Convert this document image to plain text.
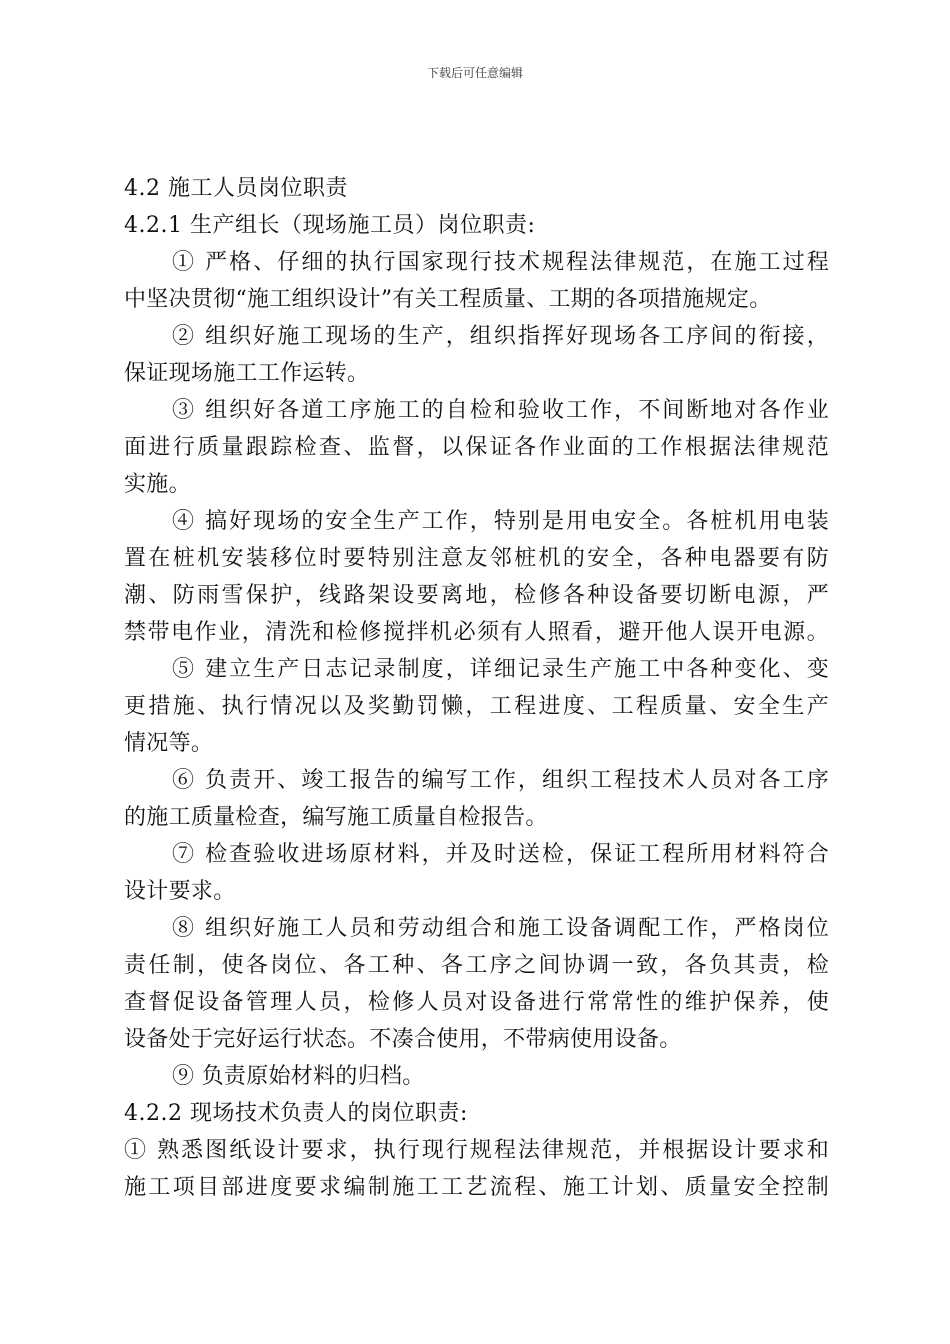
下载后可任意编辑
4.2 施工人员岗位职责
4.2.1 生产组长（现场施工员）岗位职责:
① 严格、仔细的执行国家现行技术规程法律规范，在施工过程
中坚决贯彻“施工组织设计”有关工程质量、工期的各项措施规定。
② 组织好施工现场的生产，组织指挥好现场各工序间的衔接，
保证现场施工工作运转。
③ 组织好各道工序施工的自检和验收工作，不间断地对各作业
面进行质量跟踪检查、监督，以保证各作业面的工作根据法律规范
实施。
④ 搞好现场的安全生产工作，特别是用电安全。各桩机用电装
置在桩机安装移位时要特别注意友邻桩机的安全，各种电器要有防
潮、防雨雪保护，线路架设要离地，检修各种设备要切断电源，严
禁带电作业，清洗和检修搅拌机必须有人照看，避开他人误开电源。
⑤ 建立生产日志记录制度，详细记录生产施工中各种变化、变
更措施、执行情况以及奖勤罚懒，工程进度、工程质量、安全生产
情况等。
⑥ 负责开、竣工报告的编写工作，组织工程技术人员对各工序
的施工质量检查，编写施工质量自检报告。
⑦ 检查验收进场原材料，并及时送检，保证工程所用材料符合
设计要求。
⑧ 组织好施工人员和劳动组合和施工设备调配工作，严格岗位
责任制，使各岗位、各工种、各工序之间协调一致，各负其责，检
查督促设备管理人员，检修人员对设备进行常常性的维护保养，使
设备处于完好运行状态。不凑合使用，不带病使用设备。
⑨ 负责原始材料的归档。
4.2.2 现场技术负责人的岗位职责:
① 熟悉图纸设计要求，执行现行规程法律规范，并根据设计要求和
施工项目部进度要求编制施工工艺流程、施工计划、质量安全控制
